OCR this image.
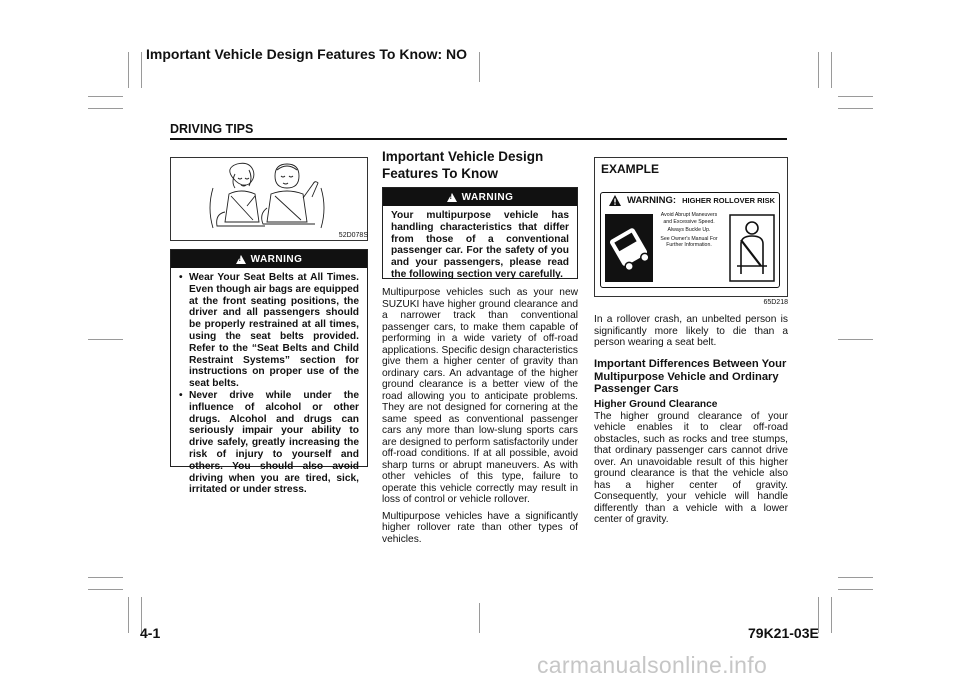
Important Vehicle Design Features To Know: NO
DRIVING TIPS
52D078S
!
WARNING
• Wear Your Seat Belts at All Times. Even though air bags are equipped at the front seating positions, the driver and all passengers should be properly restrained at all times, using the seat belts provided. Refer to the “Seat Belts and Child Restraint Systems” section for instructions on proper use of the seat belts.
• Never drive while under the influence of alcohol or other drugs. Alcohol and drugs can seriously impair your ability to drive safely, greatly increasing the risk of injury to yourself and others. You should also avoid driving when you are tired, sick, irritated or under stress.
Important Vehicle Design Features To Know
!
WARNING
Your multipurpose vehicle has handling characteristics that differ from those of a conventional passenger car. For the safety of you and your passengers, please read the following section very carefully.

Multipurpose vehicles such as your new SUZUKI have higher ground clearance and a narrower track than conventional passenger cars, to make them capable of performing in a wide variety of off-road applications. Specific design characteristics give them a higher center of gravity than ordinary cars. An advantage of the higher ground clearance is a better view of the road allowing you to anticipate problems. They are not designed for cornering at the same speed as conventional passenger cars any more than low-slung sports cars are designed to perform satisfactorily under off-road conditions. If at all possible, avoid sharp turns or abrupt maneuvers. As with other vehicles of this type, failure to operate this vehicle correctly may result in loss of control or vehicle rollover.

Multipurpose vehicles have a significantly higher rollover rate than other types of vehicles.

EXAMPLE
WARNING: HIGHER ROLLOVER RISK
Avoid Abrupt Maneuvers and Excessive Speed.
Always Buckle Up.
See Owner's Manual For Further Information.
65D218
In a rollover crash, an unbelted person is significantly more likely to die than a person wearing a seat belt.
Important Differences Between Your Multipurpose Vehicle and Ordinary Passenger Cars
Higher Ground Clearance
The higher ground clearance of your vehicle enables it to clear off-road obstacles, such as rocks and tree stumps, that ordinary passenger cars cannot drive over. An unavoidable result of this higher ground clearance is that the vehicle also has a higher center of gravity. Consequently, your vehicle will handle differently than a vehicle with a lower center of gravity.
4-1	79K21-03E
carmanualsonline.info
